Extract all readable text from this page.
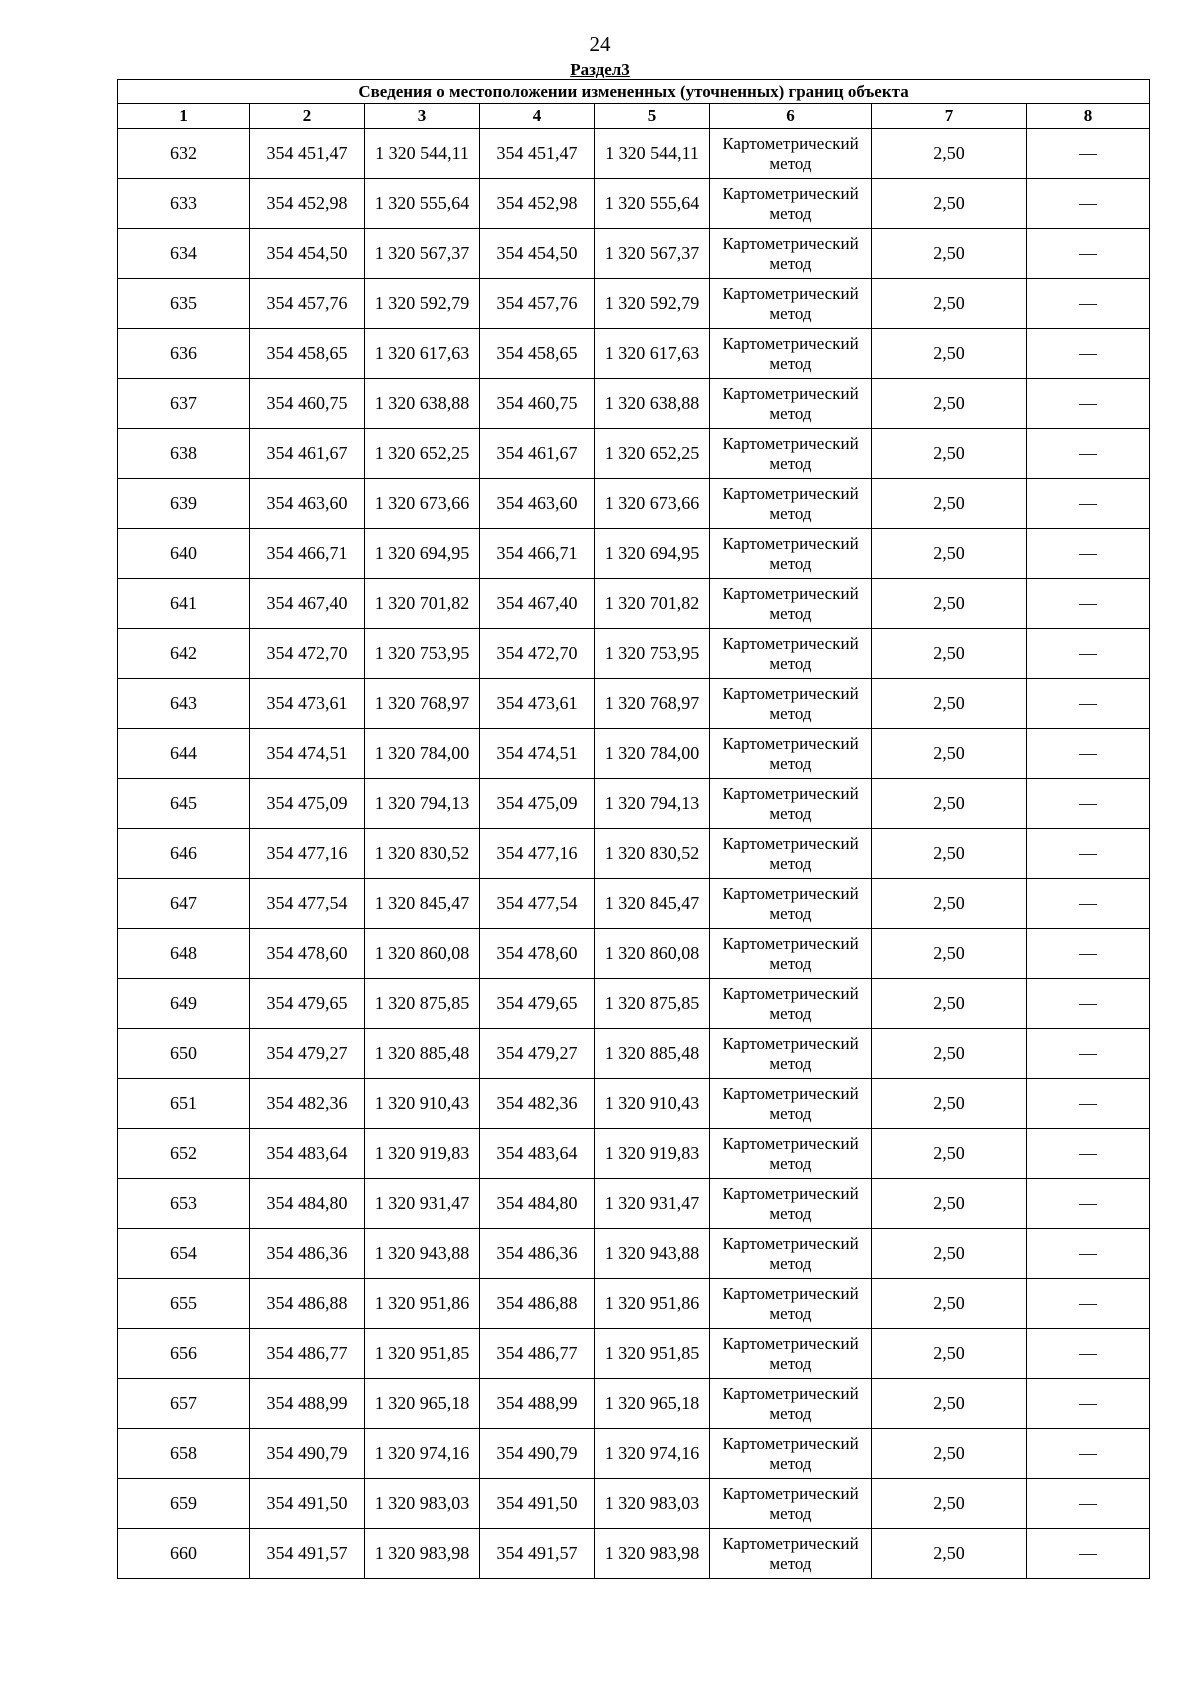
24
Раздел3
Сведения о местоположении измененных (уточненных) границ объекта							
1	2	3	4	5	6	7	8
632	354 451,47	1 320 544,11	354 451,47	1 320 544,11	Картометрический метод	2,50	—
633	354 452,98	1 320 555,64	354 452,98	1 320 555,64	Картометрический метод	2,50	—
634	354 454,50	1 320 567,37	354 454,50	1 320 567,37	Картометрический метод	2,50	—
635	354 457,76	1 320 592,79	354 457,76	1 320 592,79	Картометрический метод	2,50	—
636	354 458,65	1 320 617,63	354 458,65	1 320 617,63	Картометрический метод	2,50	—
637	354 460,75	1 320 638,88	354 460,75	1 320 638,88	Картометрический метод	2,50	—
638	354 461,67	1 320 652,25	354 461,67	1 320 652,25	Картометрический метод	2,50	—
639	354 463,60	1 320 673,66	354 463,60	1 320 673,66	Картометрический метод	2,50	—
640	354 466,71	1 320 694,95	354 466,71	1 320 694,95	Картометрический метод	2,50	—
641	354 467,40	1 320 701,82	354 467,40	1 320 701,82	Картометрический метод	2,50	—
642	354 472,70	1 320 753,95	354 472,70	1 320 753,95	Картометрический метод	2,50	—
643	354 473,61	1 320 768,97	354 473,61	1 320 768,97	Картометрический метод	2,50	—
644	354 474,51	1 320 784,00	354 474,51	1 320 784,00	Картометрический метод	2,50	—
645	354 475,09	1 320 794,13	354 475,09	1 320 794,13	Картометрический метод	2,50	—
646	354 477,16	1 320 830,52	354 477,16	1 320 830,52	Картометрический метод	2,50	—
647	354 477,54	1 320 845,47	354 477,54	1 320 845,47	Картометрический метод	2,50	—
648	354 478,60	1 320 860,08	354 478,60	1 320 860,08	Картометрический метод	2,50	—
649	354 479,65	1 320 875,85	354 479,65	1 320 875,85	Картометрический метод	2,50	—
650	354 479,27	1 320 885,48	354 479,27	1 320 885,48	Картометрический метод	2,50	—
651	354 482,36	1 320 910,43	354 482,36	1 320 910,43	Картометрический метод	2,50	—
652	354 483,64	1 320 919,83	354 483,64	1 320 919,83	Картометрический метод	2,50	—
653	354 484,80	1 320 931,47	354 484,80	1 320 931,47	Картометрический метод	2,50	—
654	354 486,36	1 320 943,88	354 486,36	1 320 943,88	Картометрический метод	2,50	—
655	354 486,88	1 320 951,86	354 486,88	1 320 951,86	Картометрический метод	2,50	—
656	354 486,77	1 320 951,85	354 486,77	1 320 951,85	Картометрический метод	2,50	—
657	354 488,99	1 320 965,18	354 488,99	1 320 965,18	Картометрический метод	2,50	—
658	354 490,79	1 320 974,16	354 490,79	1 320 974,16	Картометрический метод	2,50	—
659	354 491,50	1 320 983,03	354 491,50	1 320 983,03	Картометрический метод	2,50	—
660	354 491,57	1 320 983,98	354 491,57	1 320 983,98	Картометрический метод	2,50	—
